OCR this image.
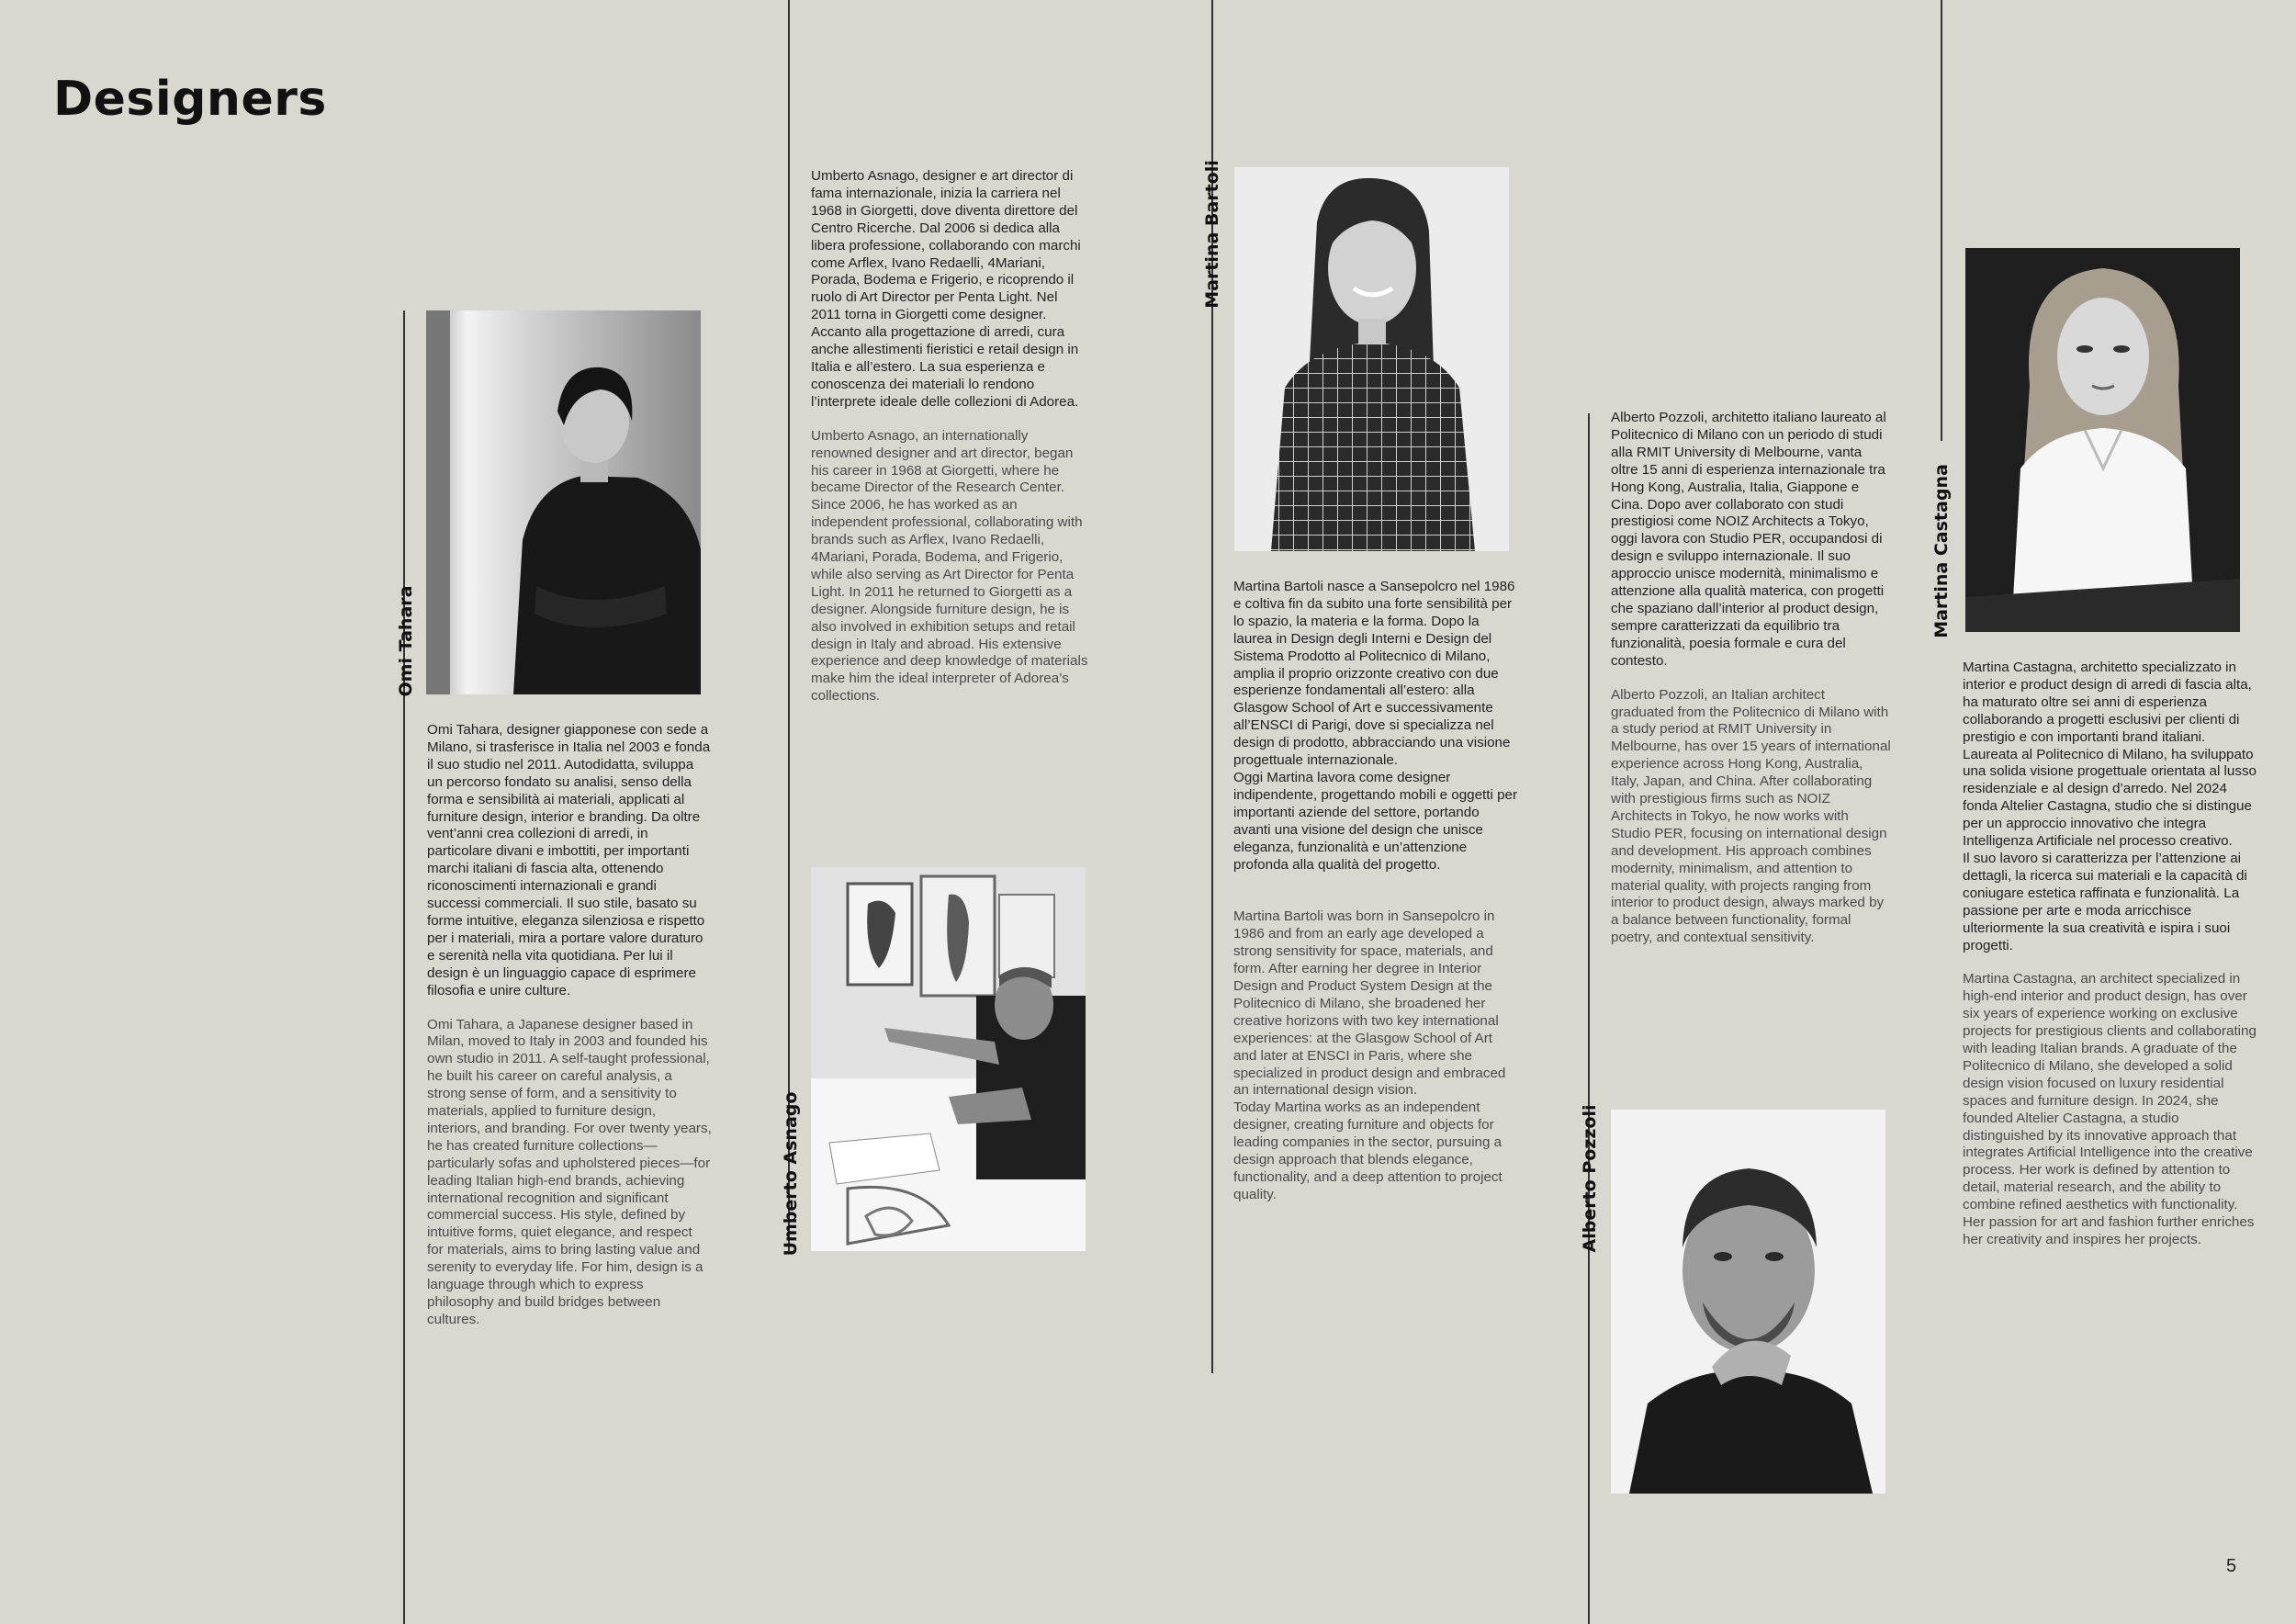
Designers
Omi Tahara

Omi Tahara, designer giapponese con sede a Milano, si trasferisce in Italia nel 2003 e fonda il suo studio nel 2011. Autodidatta, sviluppa un percorso fondato su analisi, senso della forma e sensibilità ai materiali, applicati al furniture design, interior e branding. Da oltre vent’anni crea collezioni di arredi, in particolare divani e imbottiti, per importanti marchi italiani di fascia alta, ottenendo riconoscimenti internazionali e grandi successi commerciali. Il suo stile, basato su forme intuitive, eleganza silenziosa e rispetto per i materiali, mira a portare valore duraturo e serenità nella vita quotidiana. Per lui il design è un linguaggio capace di esprimere filosofia e unire culture.

Omi Tahara, a Japanese designer based in Milan, moved to Italy in 2003 and founded his own studio in 2011. A self-taught professional, he built his career on careful analysis, a strong sense of form, and a sensitivity to materials, applied to furniture design, interiors, and branding. For over twenty years, he has created furniture collections—particularly sofas and upholstered pieces—for leading Italian high-end brands, achieving international recognition and significant commercial success. His style, defined by intuitive forms, quiet elegance, and respect for materials, aims to bring lasting value and serenity to everyday life. For him, design is a language through which to express philosophy and build bridges between cultures.

Umberto Asnago, designer e art director di fama internazionale, inizia la carriera nel 1968 in Giorgetti, dove diventa direttore del Centro Ricerche. Dal 2006 si dedica alla libera professione, collaborando con marchi come Arflex, Ivano Redaelli, 4Mariani, Porada, Bodema e Frigerio, e ricoprendo il ruolo di Art Director per Penta Light. Nel 2011 torna in Giorgetti come designer. Accanto alla progettazione di arredi, cura anche allestimenti fieristici e retail design in Italia e all’estero. La sua esperienza e conoscenza dei materiali lo rendono l’interprete ideale delle collezioni di Adorea.

Umberto Asnago, an internationally renowned designer and art director, began his career in 1968 at Giorgetti, where he became Director of the Research Center. Since 2006, he has worked as an independent professional, collaborating with brands such as Arflex, Ivano Redaelli, 4Mariani, Porada, Bodema, and Frigerio, while also serving as Art Director for Penta Light. In 2011 he returned to Giorgetti as a designer. Alongside furniture design, he is also involved in exhibition setups and retail design in Italy and abroad. His extensive experience and deep knowledge of materials make him the ideal interpreter of Adorea’s collections.

Umberto Asnago
Martina Bartoli

Martina Bartoli nasce a Sansepolcro nel 1986 e coltiva fin da subito una forte sensibilità per lo spazio, la materia e la forma. Dopo la laurea in Design degli Interni e Design del Sistema Prodotto al Politecnico di Milano, amplia il proprio orizzonte creativo con due esperienze fondamentali all’estero: alla Glasgow School of Art e successivamente all’ENSCI di Parigi, dove si specializza nel design di prodotto, abbracciando una visione progettuale internazionale.

Oggi Martina lavora come designer indipendente, progettando mobili e oggetti per importanti aziende del settore, portando avanti una visione del design che unisce eleganza, funzionalità e un’attenzione profonda alla qualità del progetto.

Martina Bartoli was born in Sansepolcro in 1986 and from an early age developed a strong sensitivity for space, materials, and form. After earning her degree in Interior Design and Product System Design at the Politecnico di Milano, she broadened her creative horizons with two key international experiences: at the Glasgow School of Art and later at ENSCI in Paris, where she specialized in product design and embraced an international design vision.

Today Martina works as an independent designer, creating furniture and objects for leading companies in the sector, pursuing a design approach that blends elegance, functionality, and a deep attention to project quality.

Alberto Pozzoli, architetto italiano laureato al Politecnico di Milano con un periodo di studi alla RMIT University di Melbourne, vanta oltre 15 anni di esperienza internazionale tra Hong Kong, Australia, Italia, Giappone e Cina. Dopo aver collaborato con studi prestigiosi come NOIZ Architects a Tokyo, oggi lavora con Studio PER, occupandosi di design e sviluppo internazionale. Il suo approccio unisce modernità, minimalismo e attenzione alla qualità materica, con progetti che spaziano dall’interior al product design, sempre caratterizzati da equilibrio tra funzionalità, poesia formale e cura del contesto.

Alberto Pozzoli, an Italian architect graduated from the Politecnico di Milano with a study period at RMIT University in Melbourne, has over 15 years of international experience across Hong Kong, Australia, Italy, Japan, and China. After collaborating with prestigious firms such as NOIZ Architects in Tokyo, he now works with Studio PER, focusing on international design and development. His approach combines modernity, minimalism, and attention to material quality, with projects ranging from interior to product design, always marked by a balance between functionality, formal poetry, and contextual sensitivity.

Alberto Pozzoli
Martina Castagna

Martina Castagna, architetto specializzato in interior e product design di arredi di fascia alta, ha maturato oltre sei anni di esperienza collaborando a progetti esclusivi per clienti di prestigio e con importanti brand italiani. Laureata al Politecnico di Milano, ha sviluppato una solida visione progettuale orientata al lusso residenziale e al design d’arredo. Nel 2024 fonda Altelier Castagna, studio che si distingue per un approccio innovativo che integra Intelligenza Artificiale nel processo creativo.

Il suo lavoro si caratterizza per l’attenzione ai dettagli, la ricerca sui materiali e la capacità di coniugare estetica raffinata e funzionalità. La passione per arte e moda arricchisce ulteriormente la sua creatività e ispira i suoi progetti.

Martina Castagna, an architect specialized in high-end interior and product design, has over six years of experience working on exclusive projects for prestigious clients and collaborating with leading Italian brands. A graduate of the Politecnico di Milano, she developed a solid design vision focused on luxury residential spaces and furniture design. In 2024, she founded Altelier Castagna, a studio distinguished by its innovative approach that integrates Artificial Intelligence into the creative process. Her work is defined by attention to detail, material research, and the ability to combine refined aesthetics with functionality. Her passion for art and fashion further enriches her creativity and inspires her projects.

5
